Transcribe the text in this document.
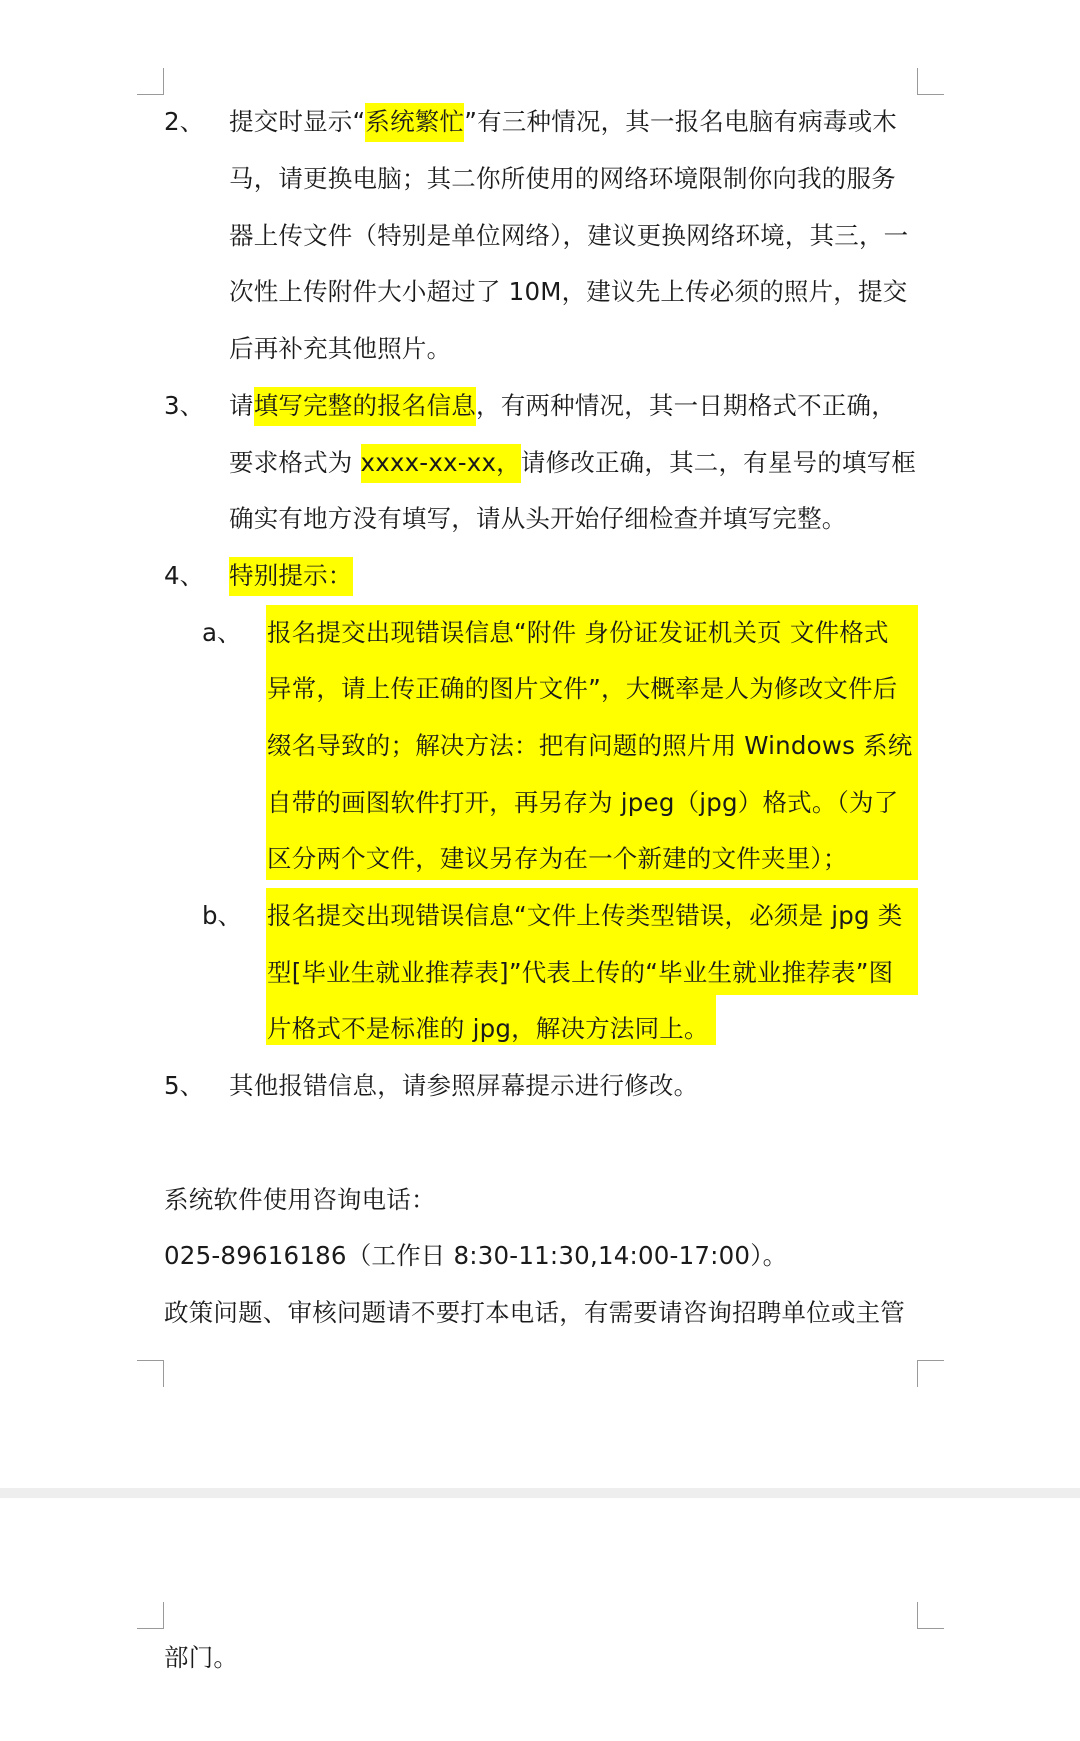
2、 提交时显示“系统繁忙”有三种情况，其一报名电脑有病毒或木
马，请更换电脑；其二你所使用的网络环境限制你向我的服务
器上传文件（特别是单位网络），建议更换网络环境，其三，一
次性上传附件大小超过了 10M，建议先上传必须的照片，提交
后再补充其他照片。
3、 请填写完整的报名信息，有两种情况，其一日期格式不正确，
要求格式为 xxxx-xx-xx，请修改正确，其二，有星号的填写框
确实有地方没有填写，请从头开始仔细检查并填写完整。
4、 特别提示：
a、 报名提交出现错误信息“附件 身份证发证机关页 文件格式
异常，请上传正确的图片文件”，大概率是人为修改文件后
缀名导致的；解决方法：把有问题的照片用 Windows 系统
自带的画图软件打开，再另存为 jpeg（jpg）格式。（为了
区分两个文件，建议另存为在一个新建的文件夹里）；
b、 报名提交出现错误信息“文件上传类型错误，必须是 jpg 类
型[毕业生就业推荐表]”代表上传的“毕业生就业推荐表”图
片格式不是标准的 jpg，解决方法同上。
5、 其他报错信息，请参照屏幕提示进行修改。
系统软件使用咨询电话：
025-89616186（工作日 8:30-11:30,14:00-17:00）。
政策问题、审核问题请不要打本电话，有需要请咨询招聘单位或主管
部门。
